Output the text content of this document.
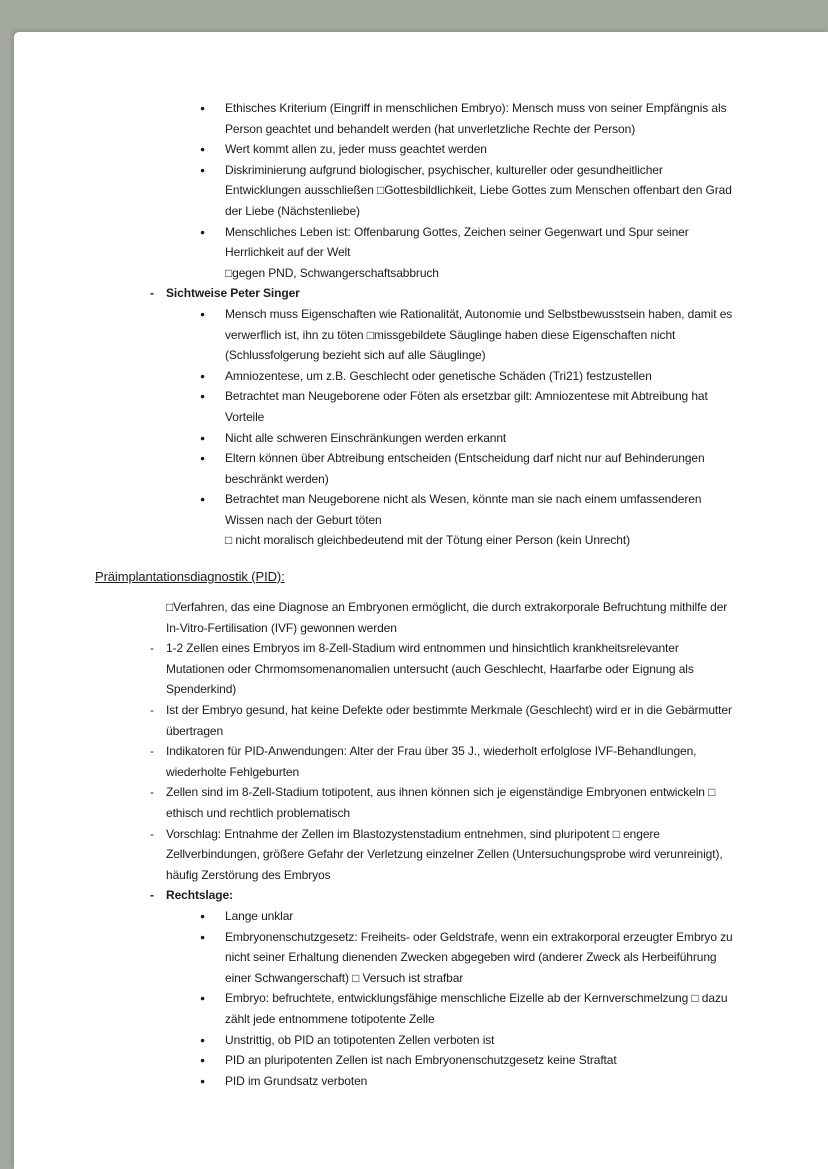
● Ethisches Kriterium (Eingriff in menschlichen Embryo): Mensch muss von seiner Empfängnis als Person geachtet und behandelt werden (hat unverletzliche Rechte der Person)
● Wert kommt allen zu, jeder muss geachtet werden
● Diskriminierung aufgrund biologischer, psychischer, kultureller oder gesundheitlicher Entwicklungen ausschließen □Gottesbildlichkeit, Liebe Gottes zum Menschen offenbart den Grad der Liebe (Nächstenliebe)
● Menschliches Leben ist: Offenbarung Gottes, Zeichen seiner Gegenwart und Spur seiner Herrlichkeit auf der Welt
□gegen PND, Schwangerschaftsabbruch
- Sichtweise Peter Singer
● Mensch muss Eigenschaften wie Rationalität, Autonomie und Selbstbewusstsein haben, damit es verwerflich ist, ihn zu töten □missgebildete Säuglinge haben diese Eigenschaften nicht (Schlussfolgerung bezieht sich auf alle Säuglinge)
● Amniozentese, um z.B. Geschlecht oder genetische Schäden (Tri21) festzustellen
● Betrachtet man Neugeborene oder Föten als ersetzbar gilt: Amniozentese mit Abtreibung hat Vorteile
● Nicht alle schweren Einschränkungen werden erkannt
● Eltern können über Abtreibung entscheiden (Entscheidung darf nicht nur auf Behinderungen beschränkt werden)
● Betrachtet man Neugeborene nicht als Wesen, könnte man sie nach einem umfassenderen Wissen nach der Geburt töten
□ nicht moralisch gleichbedeutend mit der Tötung einer Person (kein Unrecht)
Präimplantationsdiagnostik (PID):
□Verfahren, das eine Diagnose an Embryonen ermöglicht, die durch extrakorporale Befruchtung mithilfe der In-Vitro-Fertilisation (IVF) gewonnen werden
- 1-2 Zellen eines Embryos im 8-Zell-Stadium wird entnommen und hinsichtlich krankheitsrelevanter Mutationen oder Chrmomsomenanomalien untersucht (auch Geschlecht, Haarfarbe oder Eignung als Spenderkind)
- Ist der Embryo gesund, hat keine Defekte oder bestimmte Merkmale (Geschlecht) wird er in die Gebärmutter übertragen
- Indikatoren für PID-Anwendungen: Alter der Frau über 35 J., wiederholt erfolglose IVF-Behandlungen, wiederholte Fehlgeburten
- Zellen sind im 8-Zell-Stadium totipotent, aus ihnen können sich je eigenständige Embryonen entwickeln □ ethisch und rechtlich problematisch
- Vorschlag: Entnahme der Zellen im Blastozystenstadium entnehmen, sind pluripotent □ engere Zellverbindungen, größere Gefahr der Verletzung einzelner Zellen (Untersuchungsprobe wird verunreinigt), häufig Zerstörung des Embryos
- Rechtslage:
● Lange unklar
● Embryonenschutzgesetz: Freiheits- oder Geldstrafe, wenn ein extrakorporal erzeugter Embryo zu nicht seiner Erhaltung dienenden Zwecken abgegeben wird (anderer Zweck als Herbeiführung einer Schwangerschaft) □ Versuch ist strafbar
● Embryo: befruchtete, entwicklungsfähige menschliche Eizelle ab der Kernverschmelzung □ dazu zählt jede entnommene totipotente Zelle
● Unstrittig, ob PID an totipotenten Zellen verboten ist
● PID an pluripotenten Zellen ist nach Embryonenschutzgesetz keine Straftat
● PID im Grundsatz verboten
